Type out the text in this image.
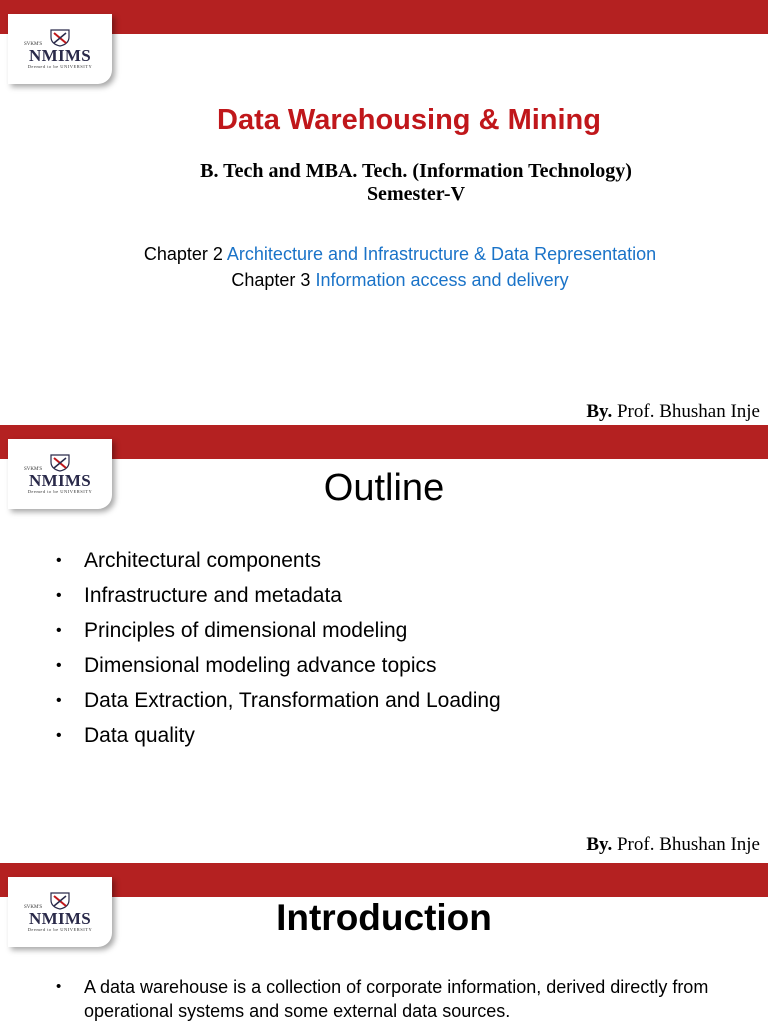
SVKM'S
NMIMS
Deemed to be UNIVERSITY
Data Warehousing & Mining
B. Tech and MBA. Tech. (Information Technology)
Semester-V
Chapter 2 Architecture and Infrastructure & Data Representation
Chapter 3 Information access and delivery
By. Prof. Bhushan Inje
SVKM'S
NMIMS
Deemed to be UNIVERSITY	Outline
• Architectural components
• Infrastructure and metadata
• Principles of dimensional modeling
• Dimensional modeling advance topics
• Data Extraction, Transformation and Loading
• Data quality
By. Prof. Bhushan Inje
SVKM'S
NMIMS
Deemed to be UNIVERSITY	Introduction
• A data warehouse is a collection of corporate information, derived directly from operational systems and some external data sources.
